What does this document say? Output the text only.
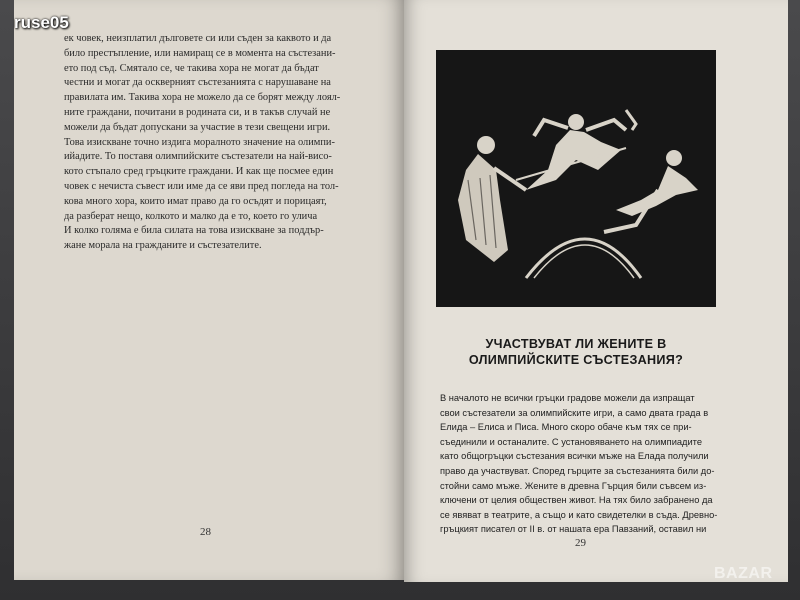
ек човек, неизплатил дълговете си или съден за каквото и да
било престъпление, или намиращ се в момента на състезани-
ето под съд. Смятало се, че такива хора не могат да бъдат
честни и могат да оскверният състезанията с нарушаване на
правилата им. Такива хора не можело да се борят между лоял-
ните граждани, почитани в родината си, и в такъв случай не
можели да бъдат допускани за участие в тези свещени игри.
Това изискване точно издига моралното значение на олимпи-
ийадите. То поставя олимпийските състезатели на най-висо-
кото стъпало сред гръцките граждани. И как ще посмее един
човек с нечиста съвест или име да се яви пред погледа на тол-
кова много хора, които имат право да го осъдят и порицаят,
да разберат нещо, колкото и малко да е то, което го улича
И колко голяма е била силата на това изискване за поддър-
жане морала на гражданите и състезателите.
28
УЧАСТВУВАТ ЛИ ЖЕНИТЕ В
ОЛИМПИЙСКИТЕ СЪСТЕЗАНИЯ?
В началото не всички гръцки градове можели да изпращат
свои състезатели за олимпийските игри, а само двата града в
Елида – Елиса и Писа. Много скоро обаче към тях се при-
съединили и останалите. С установяването на олимпиадите
като общогръцки състезания всички мъже на Елада получили
право да участвуват. Според гърците за състезанията били до-
стойни само мъже. Жените в древна Гърция били съвсем из-
ключени от целия обществен живот. На тях било забранено да
се явяват в театрите, а също и като свидетелки в съда. Древно-
гръцкият писател от II в. от нашата ера Павзаний, оставил ни
29
ruse05
BAZAR
